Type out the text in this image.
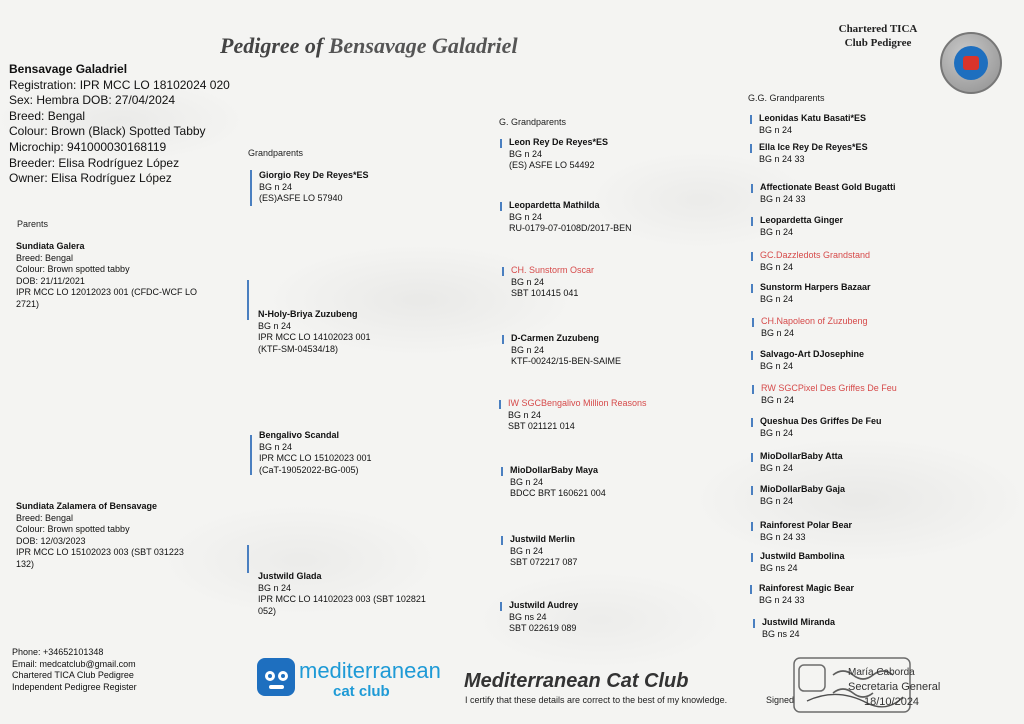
Pedigree of Bensavage Galadriel
Chartered TICA
Club Pedigree
Bensavage Galadriel
Registration: IPR MCC LO 18102024 020
Sex: Hembra DOB: 27/04/2024
Breed: Bengal
Colour: Brown (Black) Spotted Tabby
Microchip: 941000030168119
Breeder: Elisa Rodríguez López
Owner: Elisa Rodríguez López
Parents
Grandparents
G. Grandparents
G.G. Grandparents
Sundiata Galera
Breed: Bengal
Colour: Brown spotted tabby
DOB: 21/11/2021
IPR MCC LO 12012023 001 (CFDC-WCF LO
2721)
Sundiata Zalamera of Bensavage
Breed: Bengal
Colour: Brown spotted tabby
DOB: 12/03/2023
IPR MCC LO 15102023 003 (SBT 031223
132)
Giorgio Rey De Reyes*ES
BG n 24
(ES)ASFE LO 57940
N-Holy-Briya Zuzubeng
BG n 24
IPR MCC LO 14102023 001
(KTF-SM-04534/18)
Bengalivo Scandal
BG n 24
IPR MCC LO 15102023 001
(CaT-19052022-BG-005)
Justwild Glada
BG n 24
IPR MCC LO 14102023 003 (SBT 102821
052)
Leon Rey De Reyes*ES
BG n 24
(ES) ASFE LO 54492
Leopardetta Mathilda
BG n 24
RU-0179-07-0108D/2017-BEN
CH. Sunstorm Oscar
BG n 24
SBT 101415 041
D-Carmen Zuzubeng
BG n 24
KTF-00242/15-BEN-SAIME
IW SGCBengalivo Million Reasons
BG n 24
SBT 021121 014
MioDollarBaby Maya
BG n 24
BDCC BRT 160621 004
Justwild Merlin
BG n 24
SBT 072217 087
Justwild Audrey
BG ns 24
SBT 022619 089
Leonidas Katu Basati*ES
BG n 24
Ella Ice Rey De Reyes*ES
BG n 24 33
Affectionate Beast Gold Bugatti
BG n 24 33
Leopardetta Ginger
BG n 24
GC.Dazzledots Grandstand
BG n 24
Sunstorm Harpers Bazaar
BG n 24
CH.Napoleon of Zuzubeng
BG n 24
Salvago-Art DJosephine
BG n 24
RW SGCPixel Des Griffes De Feu
BG n 24
Queshua Des Griffes De Feu
BG n 24
MioDollarBaby Atta
BG n 24
MioDollarBaby Gaja
BG n 24
Rainforest Polar Bear
BG n 24 33
Justwild Bambolina
BG ns 24
Rainforest Magic Bear
BG n 24 33
Justwild Miranda
BG ns 24
Phone: +34652101348
Email: medcatclub@gmail.com
Chartered TICA Club Pedigree
Independent Pedigree Register
mediterranean
cat club	Mediterranean Cat Club
I certify that these details are correct to the best of my knowledge.	Signed
María Caborda
Secretaria General
18/10/2024
